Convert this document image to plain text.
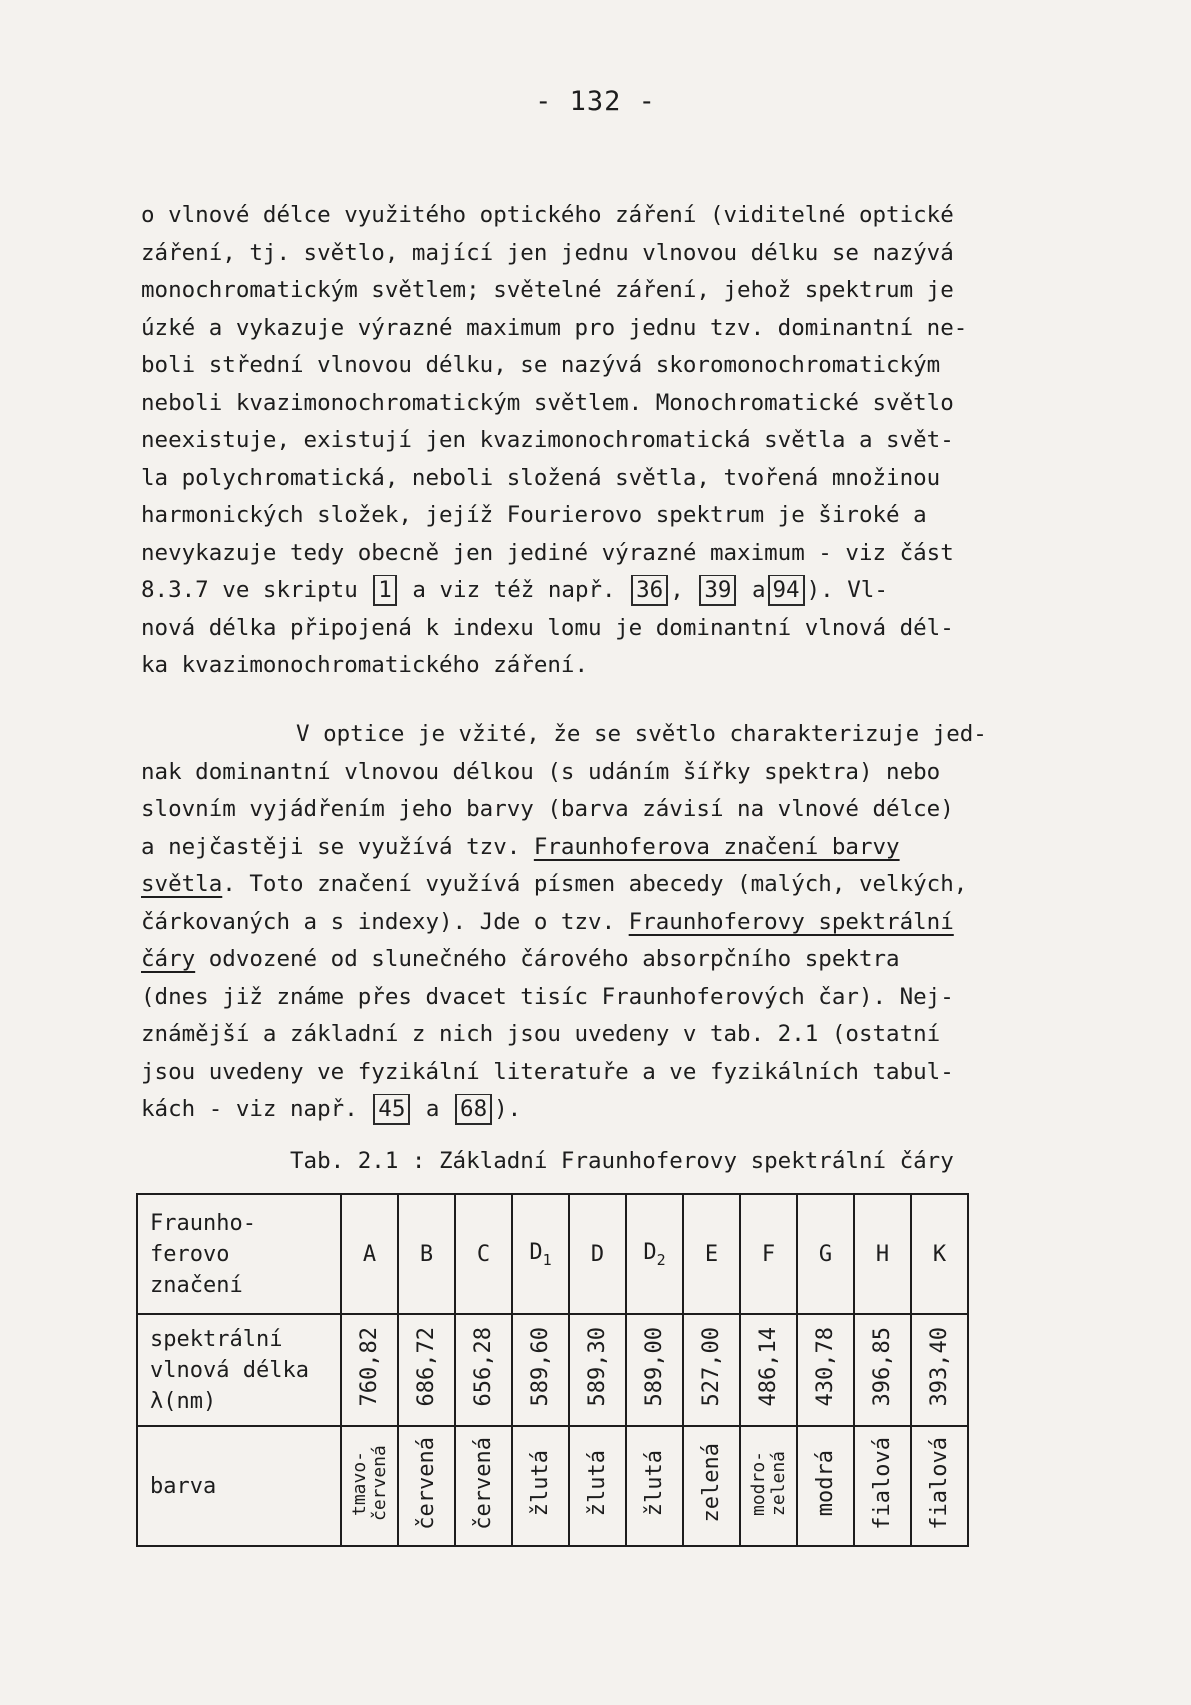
- 132 -
o vlnové délce využitého optického záření (viditelné optické
záření, tj. světlo, mající jen jednu vlnovou délku se nazývá
monochromatickým světlem; světelné záření, jehož spektrum je
úzké a vykazuje výrazné maximum pro jednu tzv. dominantní ne-
boli střední vlnovou délku, se nazývá skoromonochromatickým
neboli kvazimonochromatickým světlem. Monochromatické světlo
neexistuje, existují jen kvazimonochromatická světla a svět-
la polychromatická, neboli složená světla, tvořená množinou
harmonických složek, jejíž Fourierovo spektrum je široké a
nevykazuje tedy obecně jen jediné výrazné maximum - viz část
8.3.7 ve skriptu 1 a viz též např. 36 , 39 a 94 ). Vl-
nová délka připojená k indexu lomu je dominantní vlnová dél-
ka kvazimonochromatického záření.
V optice je vžité, že se světlo charakterizuje jed-
nak dominantní vlnovou délkou (s udáním šířky spektra) nebo
slovním vyjádřením jeho barvy (barva závisí na vlnové délce)
a nejčastěji se využívá tzv. Fraunhoferova značení barvy
světla. Toto značení využívá písmen abecedy (malých, velkých,
čárkovaných a s indexy). Jde o tzv. Fraunhoferovy spektrální
čáry odvozené od slunečného čárového absorpčního spektra
(dnes již známe přes dvacet tisíc Fraunhoferových čar). Nej-
známější a základní z nich jsou uvedeny v tab. 2.1 (ostatní
jsou uvedeny ve fyzikální literatuře a ve fyzikálních tabul-
kách - viz např. 45 a 68 ).
Tab. 2.1 : Základní Fraunhoferovy spektrální čáry
Fraunho-
ferovo
značení	A	B	C	$D_1$	D	$D_2$	E	F	G	H	K

spektrální
vlnová délka
λ(nm)	760,82	686,72	656,28	589,60	589,30	589,00	527,00	486,14	430,78	396,85	393,40
barva	tmavo-červená	červená	červená	žlutá	žlutá	žlutá	zelená	modro-zelená	modrá	fialová	fialová
